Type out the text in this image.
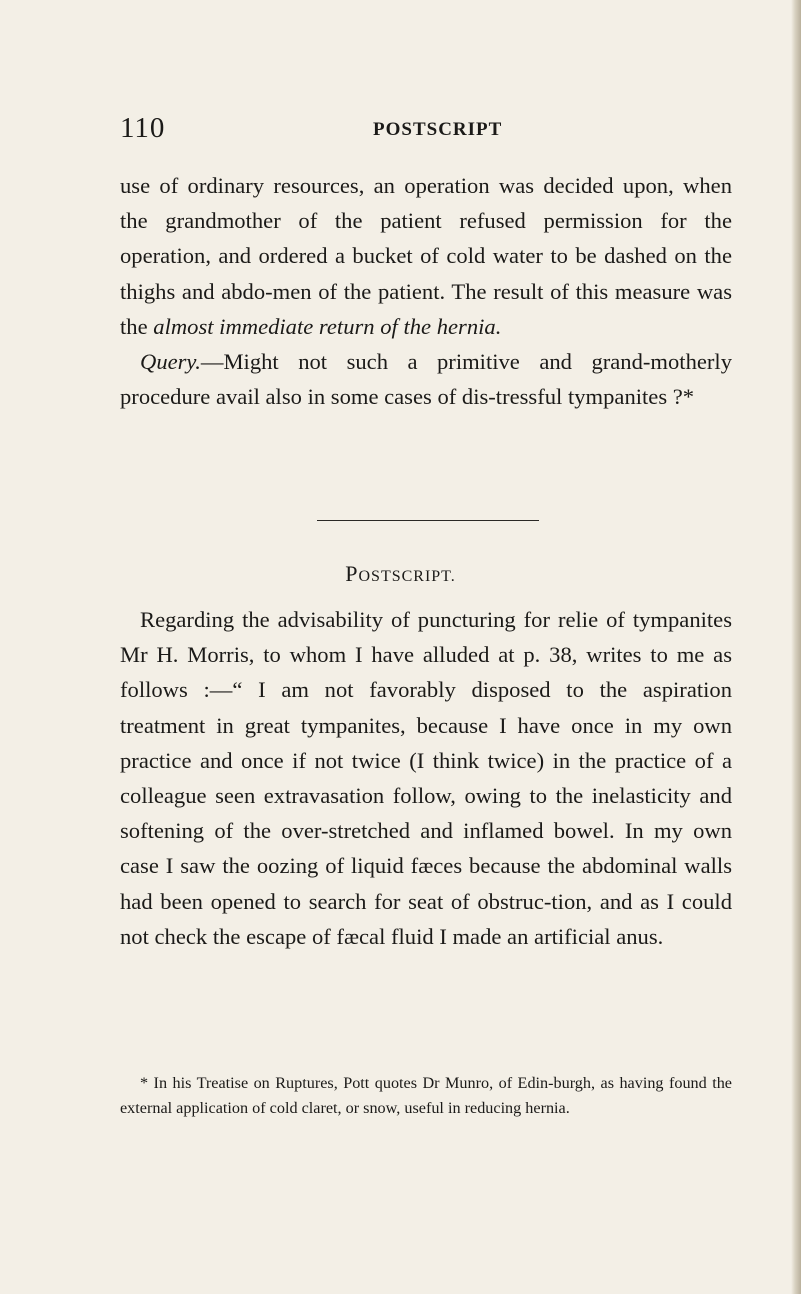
110	POSTSCRIPT

use of ordinary resources, an operation was decided upon, when the grandmother of the patient refused permission for the operation, and ordered a bucket of cold water to be dashed on the thighs and abdo-men of the patient. The result of this measure was the almost immediate return of the hernia.

Query.—Might not such a primitive and grand-motherly procedure avail also in some cases of dis-tressful tympanites ?*

POSTSCRIPT.

Regarding the advisability of puncturing for relie of tympanites Mr H. Morris, to whom I have alluded at p. 38, writes to me as follows :—“ I am not favorably disposed to the aspiration treatment in great tympanites, because I have once in my own practice and once if not twice (I think twice) in the practice of a colleague seen extravasation follow, owing to the inelasticity and softening of the over-stretched and inflamed bowel. In my own case I saw the oozing of liquid fæces because the abdominal walls had been opened to search for seat of obstruc-tion, and as I could not check the escape of fæcal fluid I made an artificial anus.

* In his Treatise on Ruptures, Pott quotes Dr Munro, of Edin-burgh, as having found the external application of cold claret, or snow, useful in reducing hernia.
